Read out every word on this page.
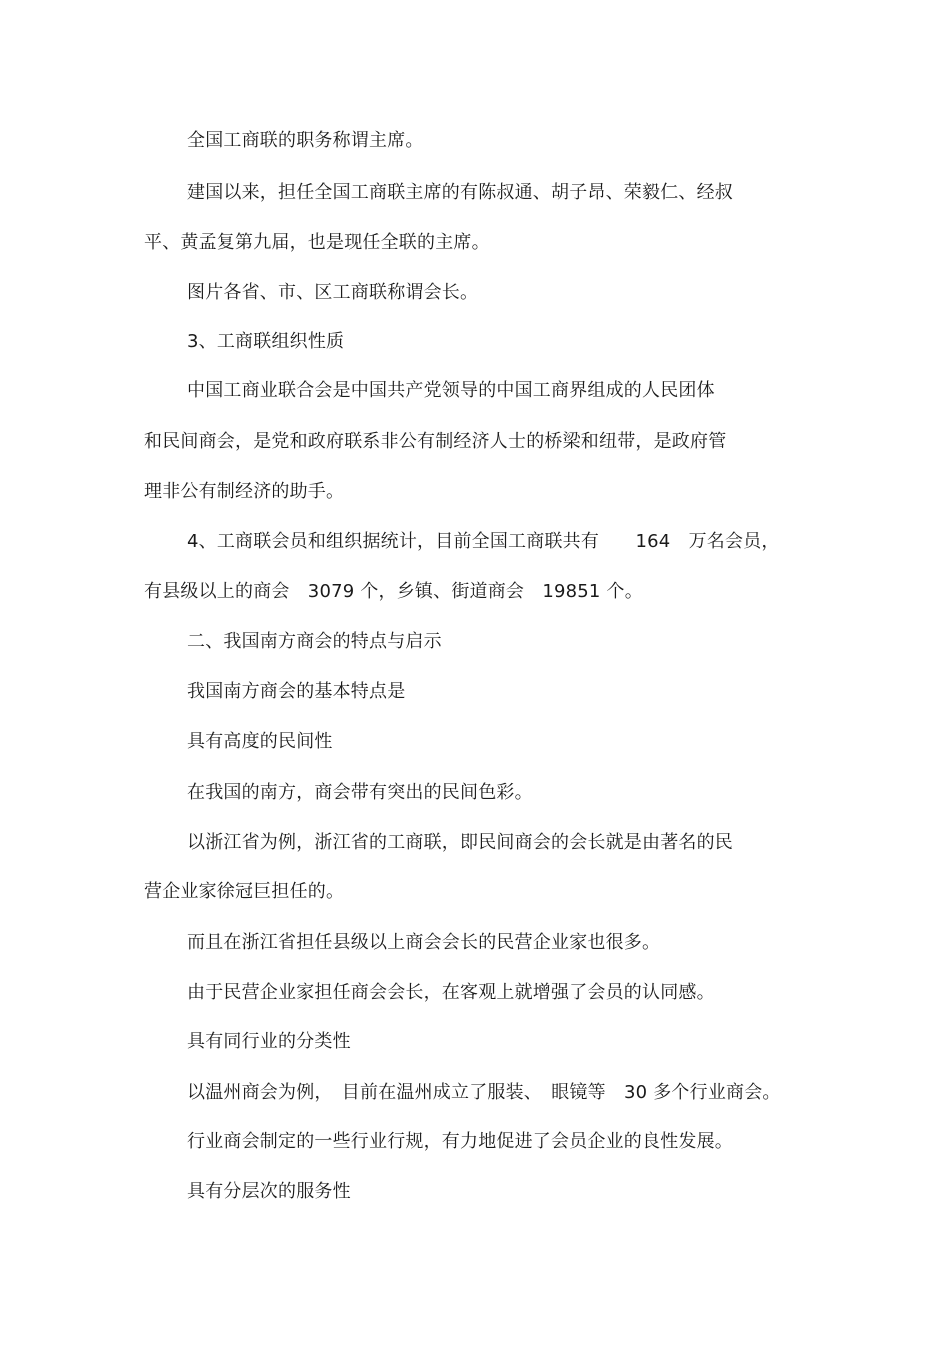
全国工商联的职务称谓主席。
建国以来，担任全国工商联主席的有陈叔通、胡子昂、荣毅仁、经叔
平、黄孟复第九届，也是现任全联的主席。
图片各省、市、区工商联称谓会长。
3、工商联组织性质
中国工商业联合会是中国共产党领导的中国工商界组成的人民团体
和民间商会，是党和政府联系非公有制经济人士的桥梁和纽带，是政府管
理非公有制经济的助手。
4、工商联会员和组织据统计，目前全国工商联共有　　164　万名会员，
有县级以上的商会　3079 个，乡镇、街道商会　19851 个。
二、我国南方商会的特点与启示
我国南方商会的基本特点是
具有高度的民间性
在我国的南方，商会带有突出的民间色彩。
以浙江省为例，浙江省的工商联，即民间商会的会长就是由著名的民
营企业家徐冠巨担任的。
而且在浙江省担任县级以上商会会长的民营企业家也很多。
由于民营企业家担任商会会长，在客观上就增强了会员的认同感。
具有同行业的分类性
以温州商会为例，　目前在温州成立了服装、　眼镜等　30 多个行业商会。
行业商会制定的一些行业行规，有力地促进了会员企业的良性发展。
具有分层次的服务性
